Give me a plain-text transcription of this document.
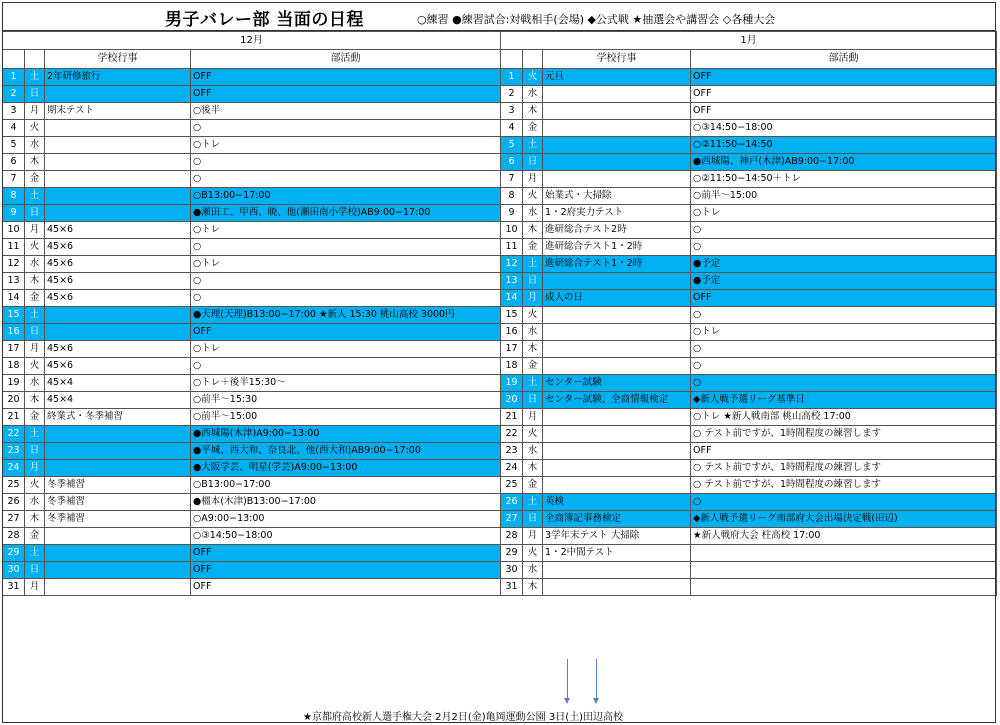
男子バレー部 当面の日程	○練習 ●練習試合:対戦相手(会場) ◆公式戦 ★抽選会や講習会 ◇各種大会
12月				1月			
		学校行事	部活動			学校行事	部活動
1	土	2年研修旅行	OFF	1	火	元旦	OFF
2	日		OFF	2	水		OFF
3	月	期末テスト	○後半	3	木		OFF
4	火		○	4	金		○③14:50−18:00
5	水		○トレ	5	土		○②11:50−14:50
6	木		○	6	日		●西城陽、神戸(木津)AB9:00−17:00
7	金		○	7	月		○②11:50−14:50＋トレ
8	土		○B13:00−17:00	8	火	始業式・大掃除	○前半〜15:00
9	日		●瀬田工、甲西、暁、他(瀬田南小学校)AB9:00−17:00	9	水	1・2府実力テスト	○トレ
10	月	45×6	○トレ	10	木	進研総合テスト2時	○
11	火	45×6	○	11	金	進研総合テスト1・2時	○
12	水	45×6	○トレ	12	土	進研総合テスト1・2時	●予定
13	木	45×6	○	13	日		●予定
14	金	45×6	○	14	月	成人の日	OFF
15	土		●天理(天理)B13:00−17:00 ★新人 15:30 桃山高校 3000円	15	火		○
16	日		OFF	16	水		○トレ
17	月	45×6	○トレ	17	木		○
18	火	45×6	○	18	金		○
19	水	45×4	○トレ＋後半15:30〜	19	土	センター試験	○
20	木	45×4	○前半〜15:30	20	日	センター試験、全商情報検定	◆新人戦予選リーグ基準日
21	金	終業式・冬季補習	○前半〜15:00	21	月		○トレ ★新人戦南部 桃山高校 17:00
22	土		●西城陽(木津)A9:00−13:00	22	火		○ テスト前ですが、1時間程度の練習します
23	日		●平城、西大和、奈良北、他(西大和)AB9:00−17:00	23	水		OFF
24	月		●大阪学芸、明星(学芸)A9:00−13:00	24	木		○ テスト前ですが、1時間程度の練習します
25	火	冬季補習	○B13:00−17:00	25	金		○ テスト前ですが、1時間程度の練習します
26	水	冬季補習	●橿本(木津)B13:00−17:00	26	土	英検	○
27	木	冬季補習	○A9:00−13:00	27	日	全商簿記事務検定	◆新人戦予選リーグ南部府大会出場決定戦(田辺)
28	金		○③14:50−18:00	28	月	3学年末テスト 大掃除	★新人戦府大会 柱高校 17:00
29	土		OFF	29	火	1・2中間テスト	
30	日		OFF	30	水		
31	月		OFF	31	木		
★京都府高校新人選手権大会 2月2日(金)亀岡運動公園 3日(土)田辺高校
